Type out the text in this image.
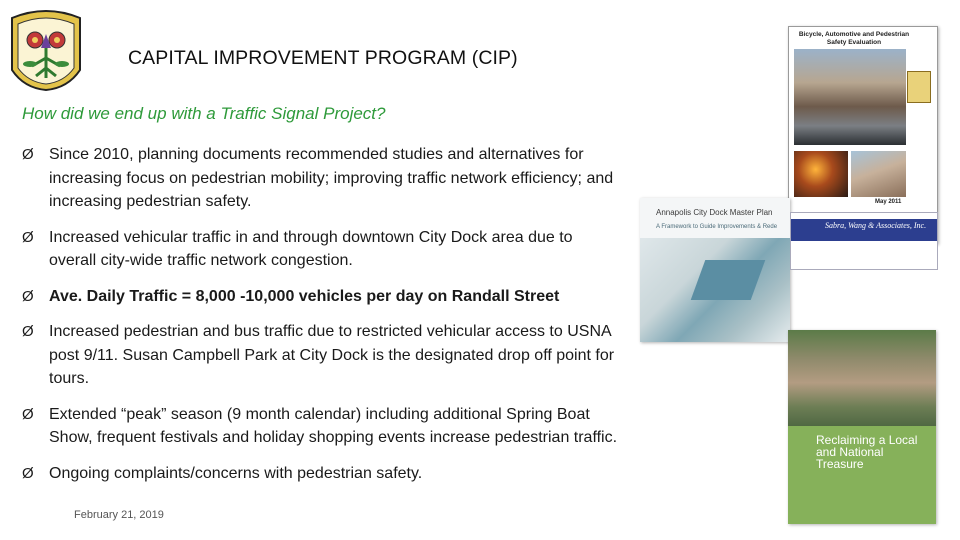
CAPITAL IMPROVEMENT PROGRAM (CIP)
How did we end up with a Traffic Signal Project?
Ø Since 2010, planning documents recommended studies and alternatives for increasing focus on pedestrian mobility; improving traffic network efficiency; and increasing pedestrian safety.
Ø Increased vehicular traffic in and through downtown City Dock area due to overall city-wide traffic network congestion.
Ø Ave. Daily Traffic = 8,000 -10,000 vehicles per day on Randall Street
Ø Increased pedestrian and bus traffic due to restricted vehicular access to USNA post 9/11. Susan Campbell Park at City Dock is the designated drop off point for tours.
Ø Extended “peak” season (9 month calendar) including additional Spring Boat Show, frequent festivals and holiday shopping events increase pedestrian traffic.
Ø Ongoing complaints/concerns with pedestrian safety.
February 21, 2019
Bicycle, Automotive and Pedestrian Safety Evaluation
May 2011
Annapolis City Dock Master Plan
A Framework to Guide Improvements & Rede	Sabra, Wang & Associates, Inc.
Reclaiming a Local and National Treasure
